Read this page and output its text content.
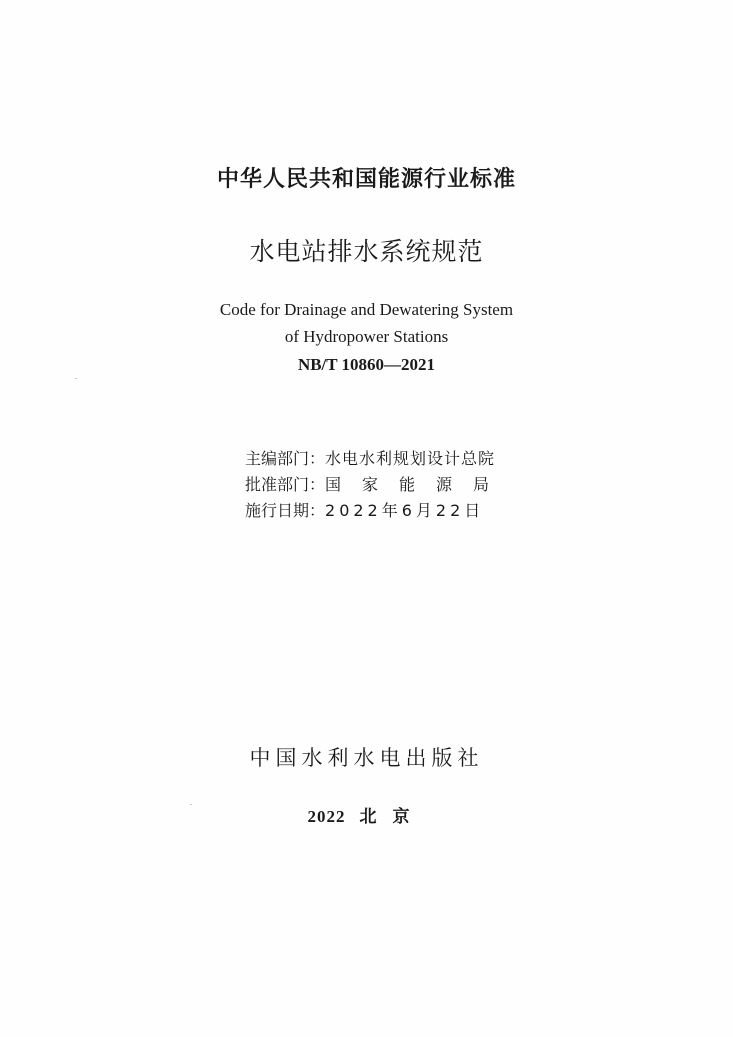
中华人民共和国能源行业标准
水电站排水系统规范
Code for Drainage and Dewatering System
of Hydropower Stations
NB/T 10860—2021
主编部门：水电水利规划设计总院
批准部门：国家能源局
施行日期：2022年6月22日
中国水利水电出版社
2022 北京
